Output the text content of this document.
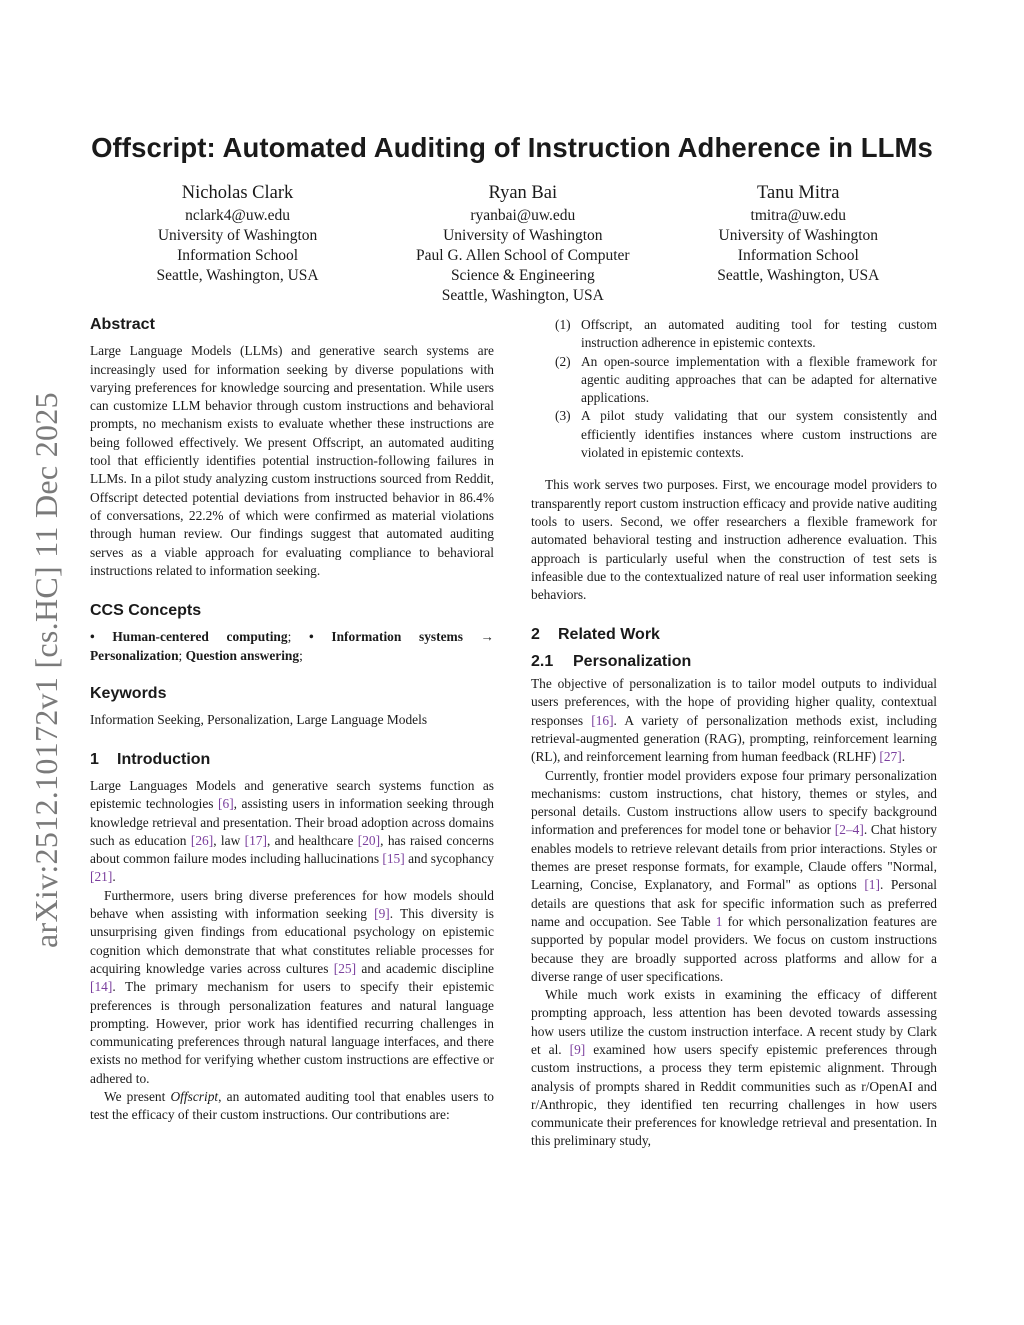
arXiv:2512.10172v1 [cs.HC] 11 Dec 2025
Offscript: Automated Auditing of Instruction Adherence in LLMs
Nicholas Clark
nclark4@uw.edu
University of Washington
Information School
Seattle, Washington, USA
Ryan Bai
ryanbai@uw.edu
University of Washington
Paul G. Allen School of Computer
Science & Engineering
Seattle, Washington, USA
Tanu Mitra
tmitra@uw.edu
University of Washington
Information School
Seattle, Washington, USA
Abstract

Large Language Models (LLMs) and generative search systems are increasingly used for information seeking by diverse populations with varying preferences for knowledge sourcing and presentation. While users can customize LLM behavior through custom instructions and behavioral prompts, no mechanism exists to evaluate whether these instructions are being followed effectively. We present Offscript, an automated auditing tool that efficiently identifies potential instruction-following failures in LLMs. In a pilot study analyzing custom instructions sourced from Reddit, Offscript detected potential deviations from instructed behavior in 86.4% of conversations, 22.2% of which were confirmed as material violations through human review. Our findings suggest that automated auditing serves as a viable approach for evaluating compliance to behavioral instructions related to information seeking.

CCS Concepts

• Human-centered computing; • Information systems → Personalization; Question answering;

Keywords

Information Seeking, Personalization, Large Language Models

1 Introduction

Large Languages Models and generative search systems function as epistemic technologies [6], assisting users in information seeking through knowledge retrieval and presentation. Their broad adoption across domains such as education [26], law [17], and healthcare [20], has raised concerns about common failure modes including hallucinations [15] and sycophancy [21].

Furthermore, users bring diverse preferences for how models should behave when assisting with information seeking [9]. This diversity is unsurprising given findings from educational psychology on epistemic cognition which demonstrate that what constitutes reliable processes for acquiring knowledge varies across cultures [25] and academic discipline [14]. The primary mechanism for users to specify their epistemic preferences is through personalization features and natural language prompting. However, prior work has identified recurring challenges in communicating preferences through natural language interfaces, and there exists no method for verifying whether custom instructions are effective or adhered to.

We present Offscript, an automated auditing tool that enables users to test the efficacy of their custom instructions. Our contributions are:

(1) Offscript, an automated auditing tool for testing custom instruction adherence in epistemic contexts.
(2) An open-source implementation with a flexible framework for agentic auditing approaches that can be adapted for alternative applications.
(3) A pilot study validating that our system consistently and efficiently identifies instances where custom instructions are violated in epistemic contexts.

This work serves two purposes. First, we encourage model providers to transparently report custom instruction efficacy and provide native auditing tools to users. Second, we offer researchers a flexible framework for automated behavioral testing and instruction adherence evaluation. This approach is particularly useful when the construction of test sets is infeasible due to the contextualized nature of real user information seeking behaviors.

2 Related Work
2.1 Personalization

The objective of personalization is to tailor model outputs to individual users preferences, with the hope of providing higher quality, contextual responses [16]. A variety of personalization methods exist, including retrieval-augmented generation (RAG), prompting, reinforcement learning (RL), and reinforcement learning from human feedback (RLHF) [27].

Currently, frontier model providers expose four primary personalization mechanisms: custom instructions, chat history, themes or styles, and personal details. Custom instructions allow users to specify background information and preferences for model tone or behavior [2–4]. Chat history enables models to retrieve relevant details from prior interactions. Styles or themes are preset response formats, for example, Claude offers "Normal, Learning, Concise, Explanatory, and Formal" as options [1]. Personal details are questions that ask for specific information such as preferred name and occupation. See Table 1 for which personalization features are supported by popular model providers. We focus on custom instructions because they are broadly supported across platforms and allow for a diverse range of user specifications.

While much work exists in examining the efficacy of different prompting approach, less attention has been devoted towards assessing how users utilize the custom instruction interface. A recent study by Clark et al. [9] examined how users specify epistemic preferences through custom instructions, a process they term epistemic alignment. Through analysis of prompts shared in Reddit communities such as r/OpenAI and r/Anthropic, they identified ten recurring challenges in how users communicate their preferences for knowledge retrieval and presentation. In this preliminary study,
